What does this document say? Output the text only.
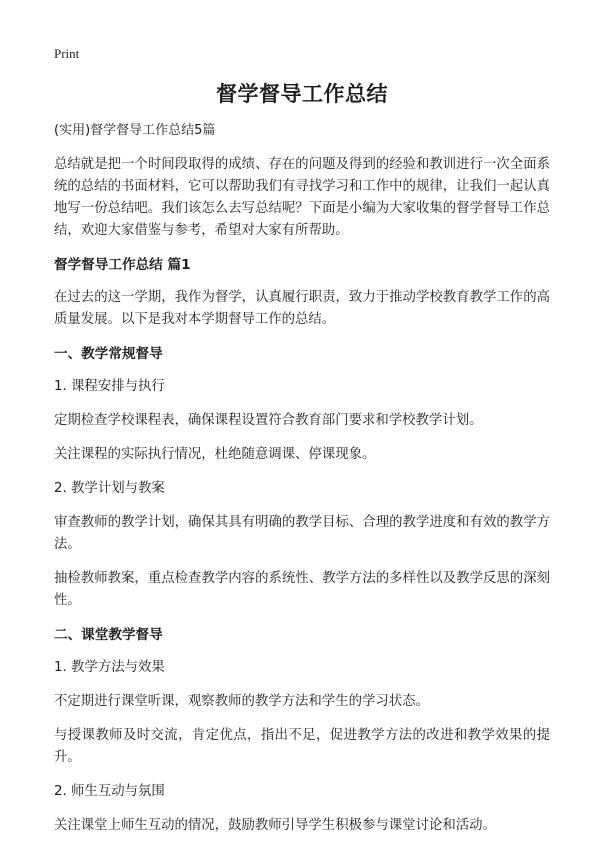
Print
督学督导工作总结

(实用)督学督导工作总结5篇

总结就是把一个时间段取得的成绩、存在的问题及得到的经验和教训进行一次全面系统的总结的书面材料，它可以帮助我们有寻找学习和工作中的规律，让我们一起认真地写一份总结吧。我们该怎么去写总结呢？下面是小编为大家收集的督学督导工作总结，欢迎大家借鉴与参考，希望对大家有所帮助。

督学督导工作总结 篇1

在过去的这一学期，我作为督学，认真履行职责，致力于推动学校教育教学工作的高质量发展。以下是我对本学期督导工作的总结。

一、教学常规督导

1. 课程安排与执行

定期检查学校课程表，确保课程设置符合教育部门要求和学校教学计划。

关注课程的实际执行情况，杜绝随意调课、停课现象。

2. 教学计划与教案

审查教师的教学计划，确保其具有明确的教学目标、合理的教学进度和有效的教学方法。

抽检教师教案，重点检查教学内容的系统性、教学方法的多样性以及教学反思的深刻性。

二、课堂教学督导

1. 教学方法与效果

不定期进行课堂听课，观察教师的教学方法和学生的学习状态。

与授课教师及时交流，肯定优点，指出不足，促进教学方法的改进和教学效果的提升。

2. 师生互动与氛围

关注课堂上师生互动的情况，鼓励教师引导学生积极参与课堂讨论和活动。
